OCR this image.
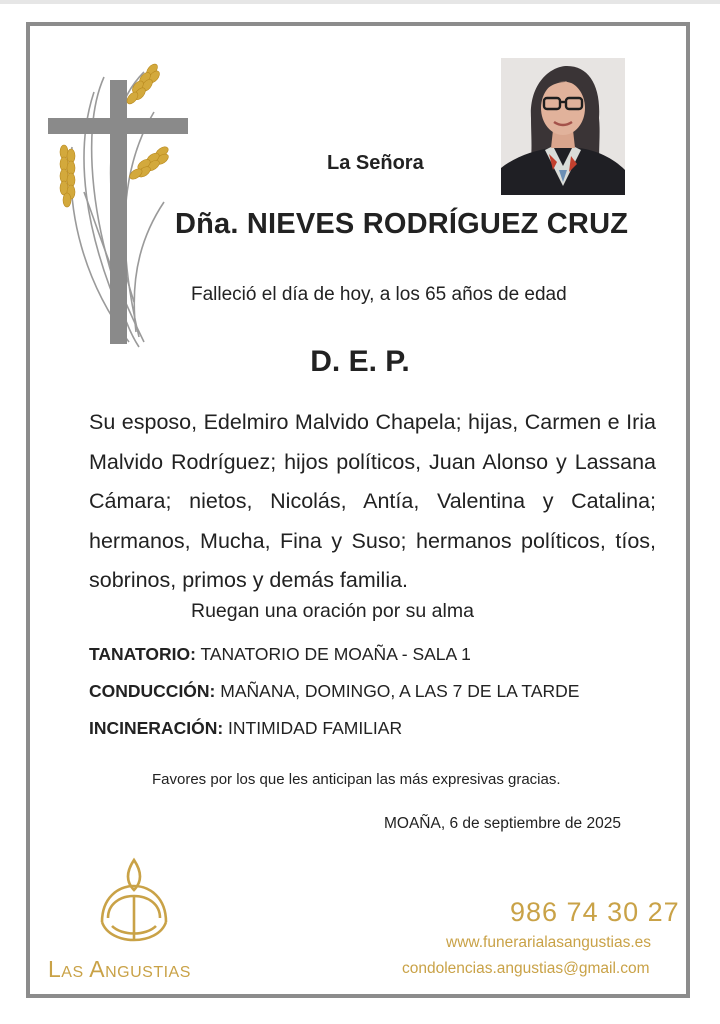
La Señora
Dña. NIEVES RODRÍGUEZ CRUZ
Falleció el día de hoy, a los 65 años de edad
D. E. P.
Su esposo, Edelmiro Malvido Chapela; hijas, Carmen e Iria Malvido Rodríguez; hijos políticos, Juan Alonso y Lassana Cámara; nietos, Nicolás, Antía, Valentina y Catalina; hermanos, Mucha, Fina y Suso; hermanos políticos, tíos, sobrinos, primos y demás familia.
Ruegan una oración por su alma
TANATORIO: TANATORIO DE MOAÑA - SALA 1
CONDUCCIÓN: MAÑANA, DOMINGO, A LAS 7 DE LA TARDE
INCINERACIÓN: INTIMIDAD FAMILIAR
Favores por los que les anticipan las más expresivas gracias.
MOAÑA, 6 de septiembre de 2025
Las Angustias
986 74 30 27
www.funerarialasangustias.es
condolencias.angustias@gmail.com
